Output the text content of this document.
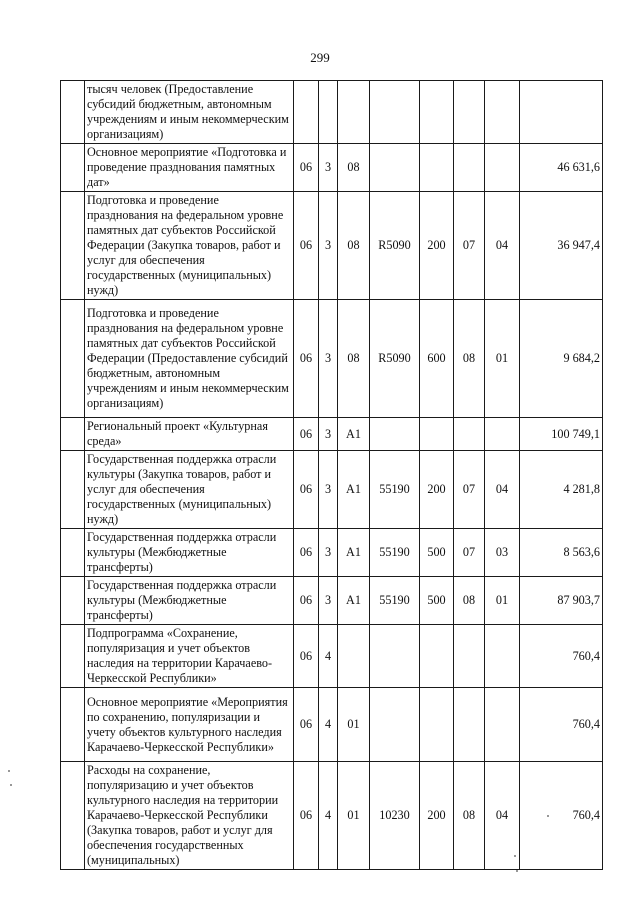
299
	тысяч человек (Предоставление субсидий бюджетным, автономным учреждениям и иным некоммерческим организациям)								
	Основное мероприятие «Подготовка и проведение празднования памятных дат»	06	3	08					46 631,6
	Подготовка и проведение празднования на федеральном уровне памятных дат субъектов Российской Федерации (Закупка товаров, работ и услуг для обеспечения государственных (муниципальных) нужд)	06	3	08	R5090	200	07	04	36 947,4
	Подготовка и проведение празднования на федеральном уровне памятных дат субъектов Российской Федерации (Предоставление субсидий бюджетным, автономным учреждениям и иным некоммерческим организациям)	06	3	08	R5090	600	08	01	9 684,2
	Региональный проект «Культурная среда»	06	3	A1					100 749,1
	Государственная поддержка отрасли культуры (Закупка товаров, работ и услуг для обеспечения государственных (муниципальных) нужд)	06	3	A1	55190	200	07	04	4 281,8
	Государственная поддержка отрасли культуры (Межбюджетные трансферты)	06	3	A1	55190	500	07	03	8 563,6
	Государственная поддержка отрасли культуры (Межбюджетные трансферты)	06	3	A1	55190	500	08	01	87 903,7
	Подпрограмма «Сохранение, популяризация и учет объектов наследия на территории Карачаево-Черкесской Республики»	06	4						760,4
	Основное мероприятие «Мероприятия по сохранению, популяризации и учету объектов культурного наследия Карачаево-Черкесской Республики»	06	4	01					760,4
	Расходы на сохранение, популяризацию и учет объектов культурного наследия на территории Карачаево-Черкесской Республики (Закупка товаров, работ и услуг для обеспечения государственных (муниципальных)	06	4	01	10230	200	08	04	760,4
